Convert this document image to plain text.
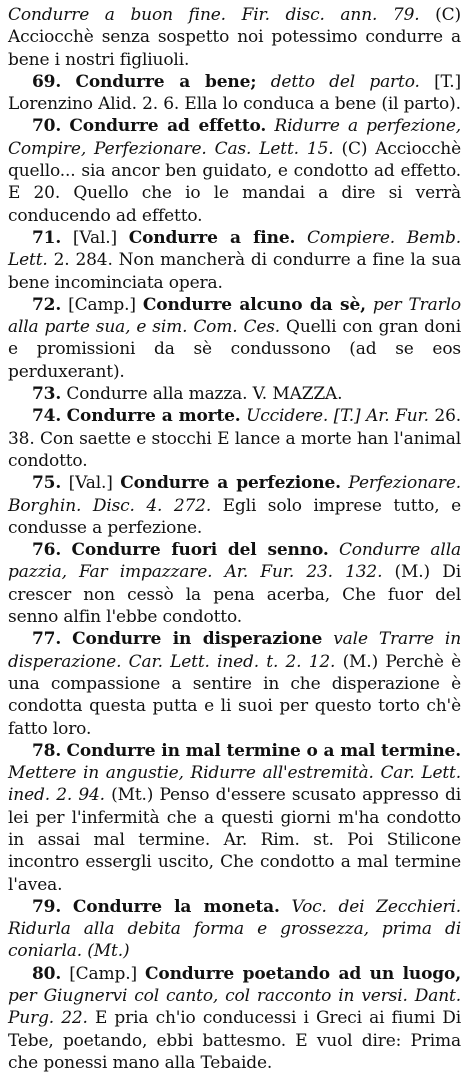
Condurre a buon fine. Fir. disc. ann. 79. (C) Acciocchè senza sospetto noi potessimo condurre a bene i nostri figliuoli.

69. Condurre a bene; detto del parto. [T.] Lorenzino Alid. 2. 6. Ella lo conduca a bene (il parto).

70. Condurre ad effetto. Ridurre a perfezione, Compire, Perfezionare. Cas. Lett. 15. (C) Acciocchè quello... sia ancor ben guidato, e condotto ad effetto. E 20. Quello che io le mandai a dire si verrà conducendo ad effetto.

71. [Val.] Condurre a fine. Compiere. Bemb. Lett. 2. 284. Non mancherà di condurre a fine la sua bene incominciata opera.

72. [Camp.] Condurre alcuno da sè, per Trarlo alla parte sua, e sim. Com. Ces. Quelli con gran doni e promissioni da sè condussono (ad se eos perduxerant).

73. Condurre alla mazza. V. MAZZA.

74. Condurre a morte. Uccidere. [T.] Ar. Fur. 26. 38. Con saette e stocchi E lance a morte han l'animal condotto.

75. [Val.] Condurre a perfezione. Perfezionare. Borghin. Disc. 4. 272. Egli solo imprese tutto, e condusse a perfezione.

76. Condurre fuori del senno. Condurre alla pazzia, Far impazzare. Ar. Fur. 23. 132. (M.) Di crescer non cessò la pena acerba, Che fuor del senno alfin l'ebbe condotto.

77. Condurre in disperazione vale Trarre in disperazione. Car. Lett. ined. t. 2. 12. (M.) Perchè è una compassione a sentire in che disperazione è condotta questa putta e li suoi per questo torto ch'è fatto loro.

78. Condurre in mal termine o a mal termine. Mettere in angustie, Ridurre all'estremità. Car. Lett. ined. 2. 94. (Mt.) Penso d'essere scusato appresso di lei per l'infermità che a questi giorni m'ha condotto in assai mal termine. Ar. Rim. st. Poi Stilicone incontro essergli uscito, Che condotto a mal termine l'avea.

79. Condurre la moneta. Voc. dei Zecchieri. Ridurla alla debita forma e grossezza, prima di coniarla. (Mt.)

80. [Camp.] Condurre poetando ad un luogo, per Giugnervi col canto, col racconto in versi. Dant. Purg. 22. E pria ch'io conducessi i Greci ai fiumi Di Tebe, poetando, ebbi battesmo. E vuol dire: Prima che ponessi mano alla Tebaide.
